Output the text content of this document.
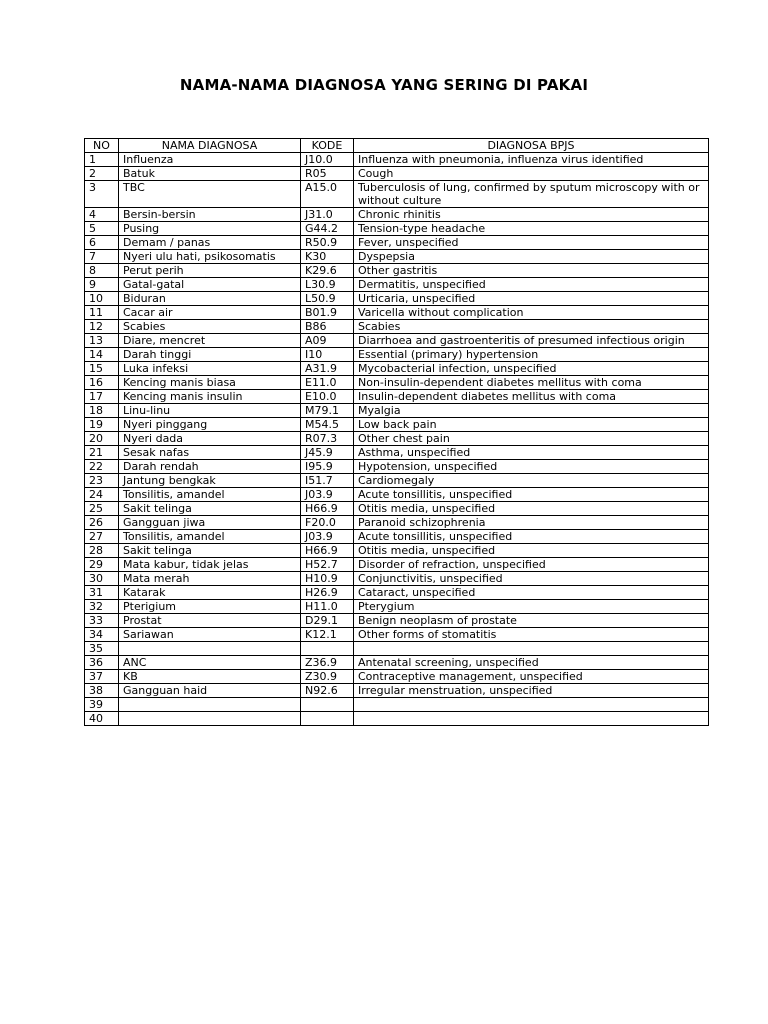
NAMA-NAMA DIAGNOSA YANG SERING DI PAKAI
NO	NAMA DIAGNOSA	KODE	DIAGNOSA BPJS
1	Influenza	J10.0	Influenza with pneumonia, influenza virus identified
2	Batuk	R05	Cough
3	TBC	A15.0	Tuberculosis of lung, confirmed by sputum microscopy with or without culture
4	Bersin-bersin	J31.0	Chronic rhinitis
5	Pusing	G44.2	Tension-type headache
6	Demam / panas	R50.9	Fever, unspecified
7	Nyeri ulu hati, psikosomatis	K30	Dyspepsia
8	Perut perih	K29.6	Other gastritis
9	Gatal-gatal	L30.9	Dermatitis, unspecified
10	Biduran	L50.9	Urticaria, unspecified
11	Cacar air	B01.9	Varicella without complication
12	Scabies	B86	Scabies
13	Diare, mencret	A09	Diarrhoea and gastroenteritis of presumed infectious origin
14	Darah tinggi	I10	Essential (primary) hypertension
15	Luka infeksi	A31.9	Mycobacterial infection, unspecified
16	Kencing manis biasa	E11.0	Non-insulin-dependent diabetes mellitus with coma
17	Kencing manis insulin	E10.0	Insulin-dependent diabetes mellitus with coma
18	Linu-linu	M79.1	Myalgia
19	Nyeri pinggang	M54.5	Low back pain
20	Nyeri dada	R07.3	Other chest pain
21	Sesak nafas	J45.9	Asthma, unspecified
22	Darah rendah	I95.9	Hypotension, unspecified
23	Jantung bengkak	I51.7	Cardiomegaly
24	Tonsilitis, amandel	J03.9	Acute tonsillitis, unspecified
25	Sakit telinga	H66.9	Otitis media, unspecified
26	Gangguan jiwa	F20.0	Paranoid schizophrenia
27	Tonsilitis, amandel	J03.9	Acute tonsillitis, unspecified
28	Sakit telinga	H66.9	Otitis media, unspecified
29	Mata kabur, tidak jelas	H52.7	Disorder of refraction, unspecified
30	Mata merah	H10.9	Conjunctivitis, unspecified
31	Katarak	H26.9	Cataract, unspecified
32	Pterigium	H11.0	Pterygium
33	Prostat	D29.1	Benign neoplasm of prostate
34	Sariawan	K12.1	Other forms of stomatitis
35			
36	ANC	Z36.9	Antenatal screening, unspecified
37	KB	Z30.9	Contraceptive management, unspecified
38	Gangguan haid	N92.6	Irregular menstruation, unspecified
39			
40			
